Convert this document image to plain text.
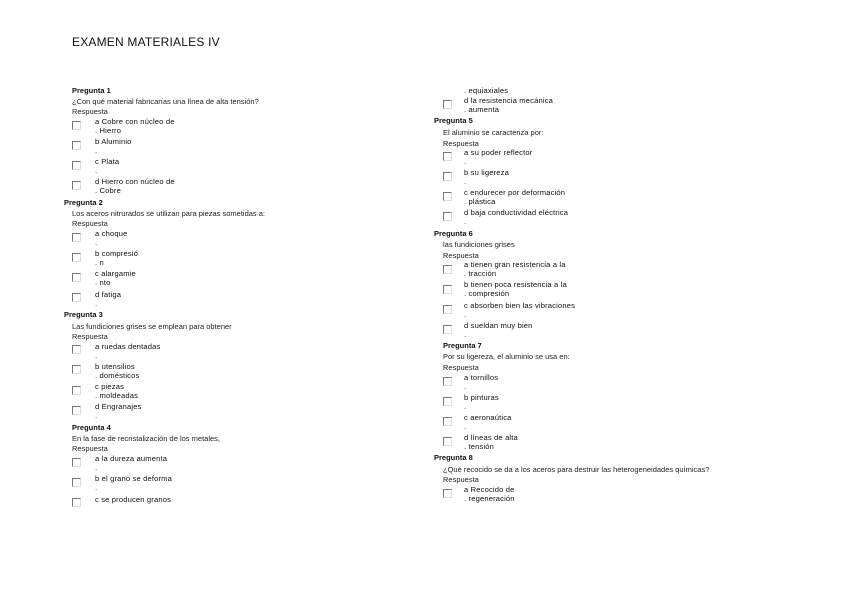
EXAMEN MATERIALES IV
Pregunta 1
¿Con qué material fabricarías una línea de alta tensión?
Respuesta
a Cobre con núcleo de
. Hierro
b Aluminio
.
c Plata
.
d Hierro con núcleo de
. Cobre
Pregunta 2
Los aceros nitrurados se utilizan para piezas sometidas a:
Respuesta
a choque
.
b compresió
. n
c alargamie
. nto
d fatiga
.
Pregunta 3
Las fundiciones grises se emplean para obtener
Respuesta
a ruedas dentadas
.
b utensilios
. domésticos
c piezas
. moldeadas
d Engranajes
.
Pregunta 4
En la fase de recristalización de los metales,
Respuesta
a la dureza aumenta
.
b el grano se deforma
.
c se producen granos
. equiaxiales
d la resistencia mecánica
. aumenta
Pregunta 5
El aluminio se caracteriza por:
Respuesta
a su poder reflector
.
b su ligereza
.
c endurecer por deformación
. plástica
d baja conductividad eléctrica
.
Pregunta 6
las fundiciones grises
Respuesta
a tienen gran resistencia a la
. tracción
b tienen poca resistencia a la
. compresión
c absorben bien las vibraciones
.
d sueldan muy bien
.
Pregunta 7
Por su ligereza, el aluminio se usa en:
Respuesta
a tornillos
.
b pinturas
.
c aeronaútica
.
d líneas de alta
. tensión
Pregunta 8
¿Qué recocido se da a los aceros para destruir las heterogeneidades químicas?
Respuesta
a Recocido de
. regeneración
